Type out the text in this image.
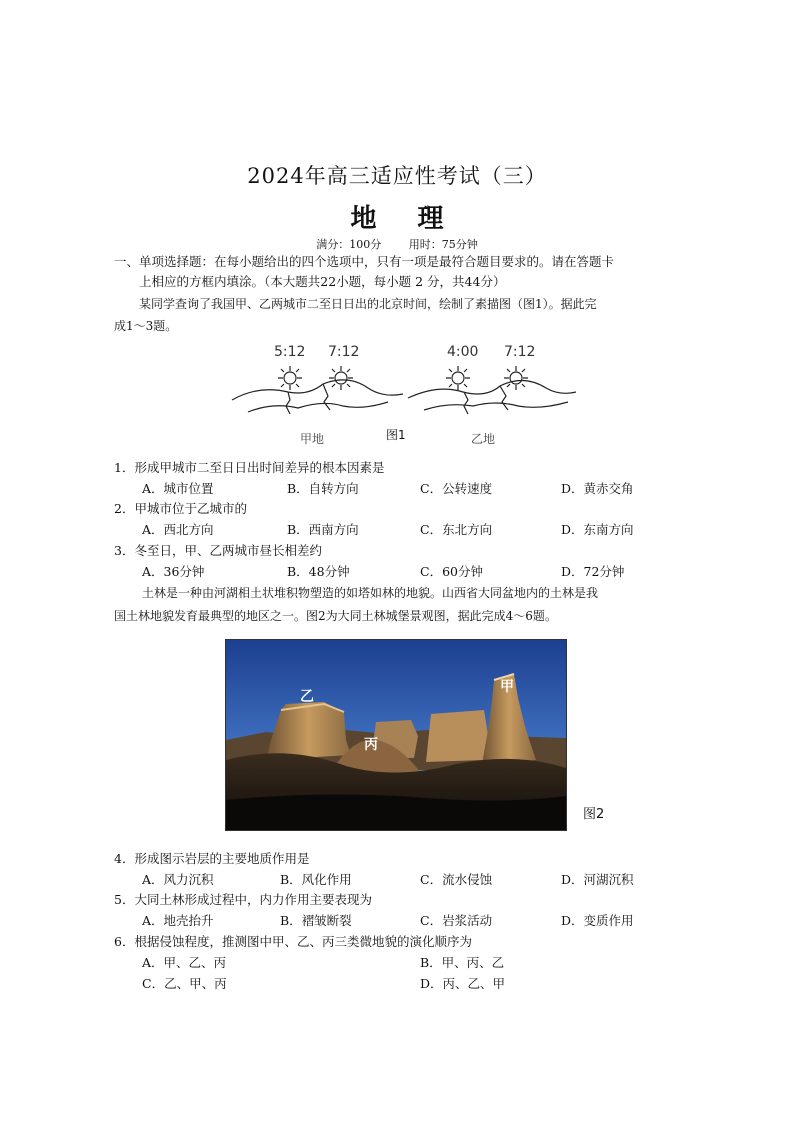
2024年高三适应性考试（三）
地 理
满分：100分	用时：75分钟
一、单项选择题：在每小题给出的四个选项中，只有一项是最符合题目要求的。请在答题卡
上相应的方框内填涂。（本大题共22小题，每小题 2 分，共44分）
某同学查询了我国甲、乙两城市二至日日出的北京时间，绘制了素描图（图1）。据此完
成1～3题。
5:12 7:12	4:00 7:12
甲地	图1	乙地
1．形成甲城市二至日日出时间差异的根本因素是
A．城市位置	B．自转方向	C．公转速度	D．黄赤交角
2．甲城市位于乙城市的
A．西北方向	B．西南方向	C．东北方向	D．东南方向
3．冬至日，甲、乙两城市昼长相差约
A．36分钟	B．48分钟	C．60分钟	D．72分钟
土林是一种由河湖相土状堆积物塑造的如塔如林的地貌。山西省大同盆地内的土林是我
国土林地貌发育最典型的地区之一。图2为大同土林城堡景观图，据此完成4～6题。
乙
甲
丙
图2
4．形成图示岩层的主要地质作用是
A．风力沉积	B．风化作用	C．流水侵蚀	D．河湖沉积
5．大同土林形成过程中，内力作用主要表现为
A．地壳抬升	B．褶皱断裂	C．岩浆活动	D．变质作用
6．根据侵蚀程度，推测图中甲、乙、丙三类微地貌的演化顺序为
A．甲、乙、丙	B．甲、丙、乙
C．乙、甲、丙	D．丙、乙、甲
